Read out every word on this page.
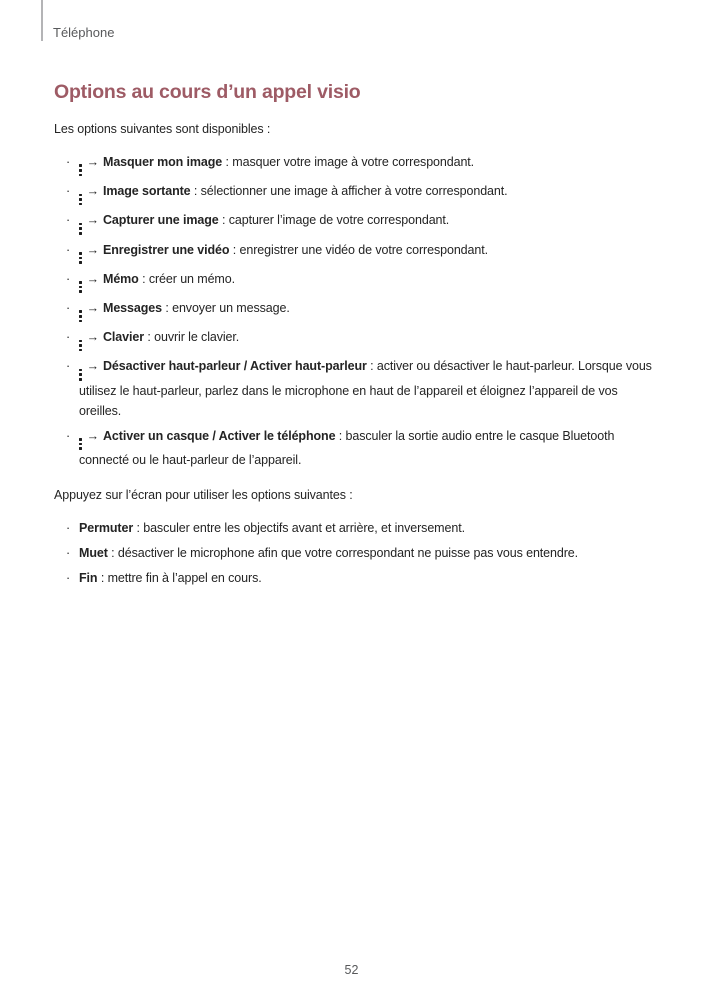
Téléphone
Options au cours d’un appel visio

Les options suivantes sont disponibles :

·	→ Masquer mon image : masquer votre image à votre correspondant.
·	→ Image sortante : sélectionner une image à afficher à votre correspondant.
·	→ Capturer une image : capturer l’image de votre correspondant.
·	→ Enregistrer une vidéo : enregistrer une vidéo de votre correspondant.
·	→ Mémo : créer un mémo.
·	→ Messages : envoyer un message.
·	→ Clavier : ouvrir le clavier.
·	→ Désactiver haut-parleur / Activer haut-parleur : activer ou désactiver le haut-parleur. Lorsque vous utilisez le haut-parleur, parlez dans le microphone en haut de l’appareil et éloignez l’appareil de vos oreilles.
·	→ Activer un casque / Activer le téléphone : basculer la sortie audio entre le casque Bluetooth connecté ou le haut-parleur de l’appareil.

Appuyez sur l’écran pour utiliser les options suivantes :

· Permuter : basculer entre les objectifs avant et arrière, et inversement.
· Muet : désactiver le microphone afin que votre correspondant ne puisse pas vous entendre.
· Fin : mettre fin à l’appel en cours.
52
